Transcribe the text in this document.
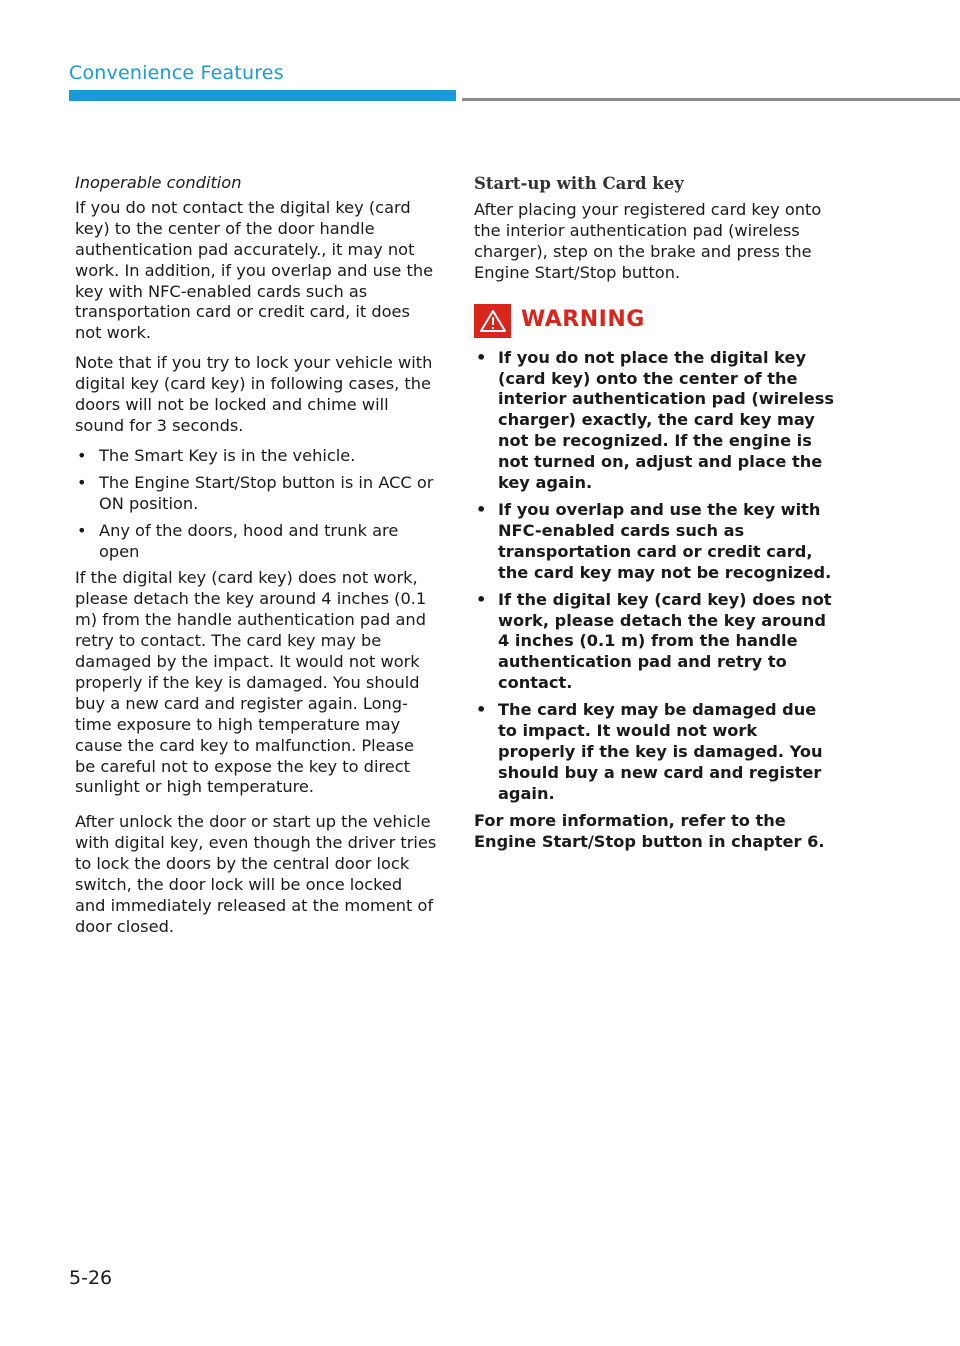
Convenience Features

Inoperable condition

If you do not contact the digital key (card key) to the center of the door handle authentication pad accurately., it may not work. In addition, if you overlap and use the key with NFC-enabled cards such as transportation card or credit card, it does not work.

Note that if you try to lock your vehicle with digital key (card key) in following cases, the doors will not be locked and chime will sound for 3 seconds.

• The Smart Key is in the vehicle.
• The Engine Start/Stop button is in ACC or ON position.
• Any of the doors, hood and trunk are open

If the digital key (card key) does not work, please detach the key around 4 inches (0.1 m) from the handle authentication pad and retry to contact. The card key may be damaged by the impact. It would not work properly if the key is damaged. You should buy a new card and register again. Long-time exposure to high temperature may cause the card key to malfunction. Please be careful not to expose the key to direct sunlight or high temperature.

After unlock the door or start up the vehicle with digital key, even though the driver tries to lock the doors by the central door lock switch, the door lock will be once locked and immediately released at the moment of door closed.

Start-up with Card key

After placing your registered card key onto the interior authentication pad (wireless charger), step on the brake and press the Engine Start/Stop button.

WARNING
• If you do not place the digital key (card key) onto the center of the interior authentication pad (wireless charger) exactly, the card key may not be recognized. If the engine is not turned on, adjust and place the key again.
• If you overlap and use the key with NFC-enabled cards such as transportation card or credit card, the card key may not be recognized.
• If the digital key (card key) does not work, please detach the key around 4 inches (0.1 m) from the handle authentication pad and retry to contact.
• The card key may be damaged due to impact. It would not work properly if the key is damaged. You should buy a new card and register again.

For more information, refer to the Engine Start/Stop button in chapter 6.

5-26
